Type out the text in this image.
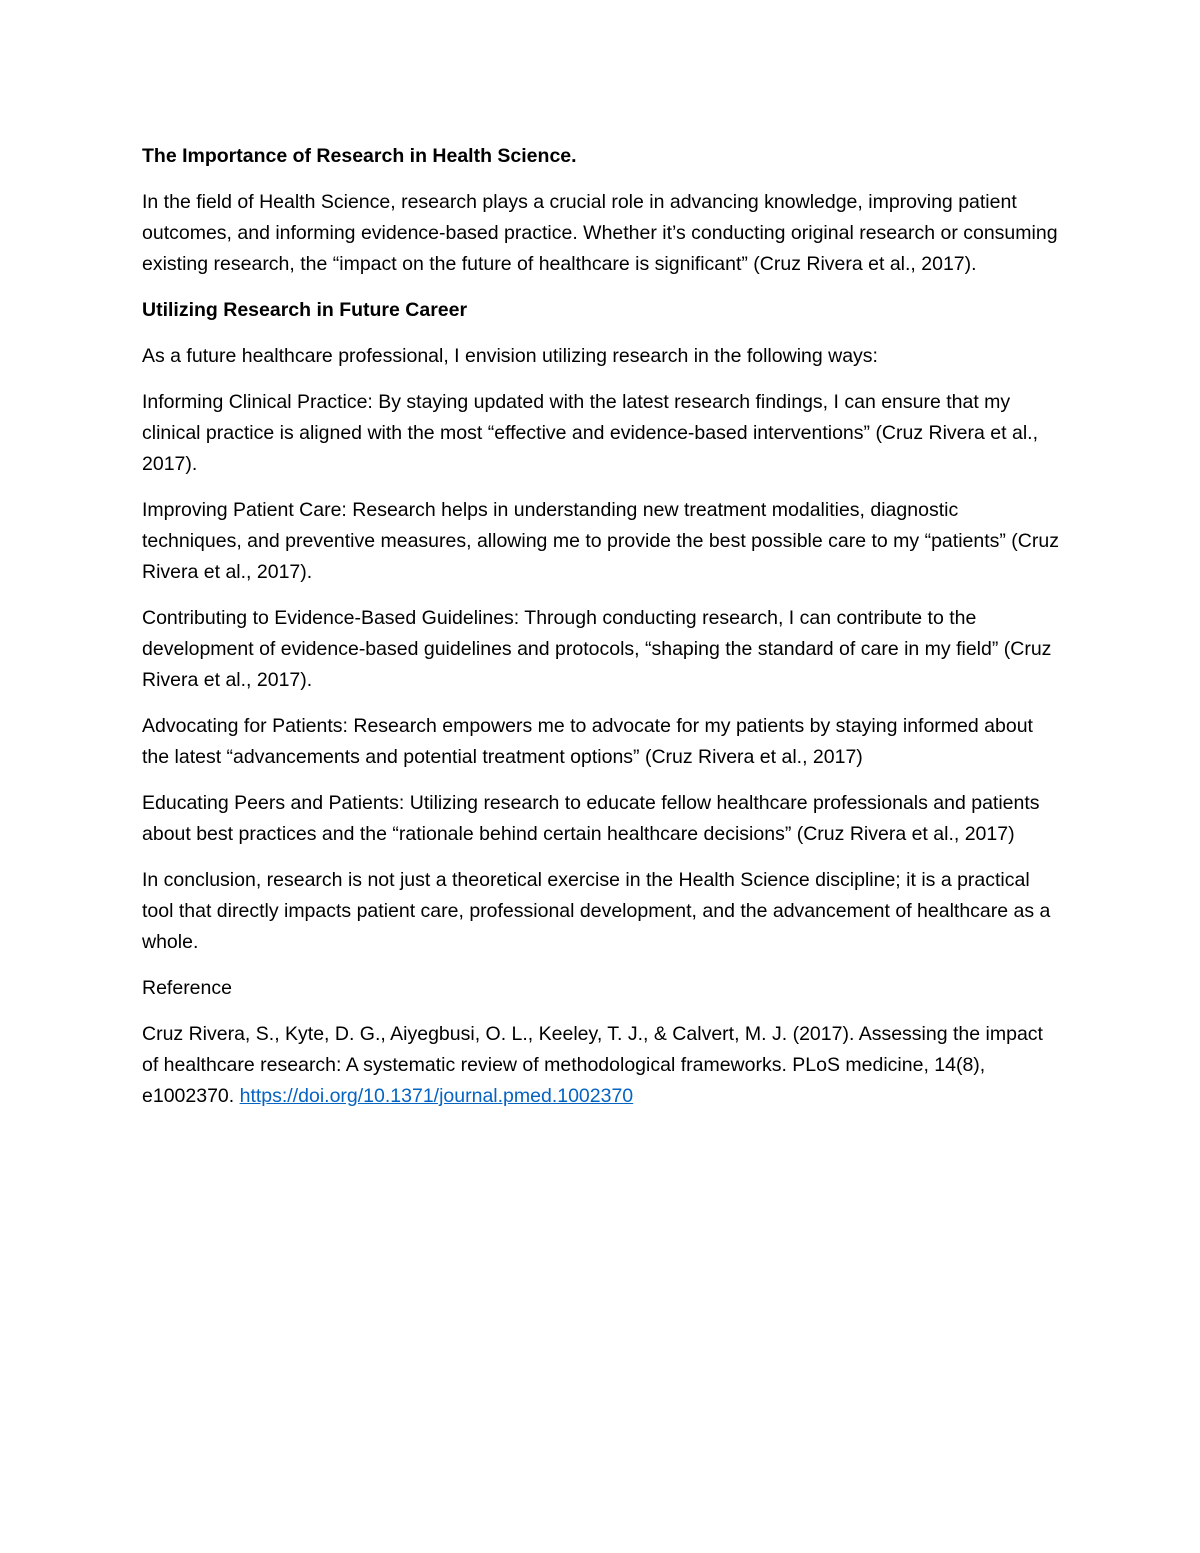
The Importance of Research in Health Science.

In the field of Health Science, research plays a crucial role in advancing knowledge, improving patient outcomes, and informing evidence-based practice. Whether it’s conducting original research or consuming existing research, the “impact on the future of healthcare is significant” (Cruz Rivera et al., 2017).

Utilizing Research in Future Career

As a future healthcare professional, I envision utilizing research in the following ways:

Informing Clinical Practice: By staying updated with the latest research findings, I can ensure that my clinical practice is aligned with the most “effective and evidence-based interventions” (Cruz Rivera et al., 2017).

Improving Patient Care: Research helps in understanding new treatment modalities, diagnostic techniques, and preventive measures, allowing me to provide the best possible care to my “patients” (Cruz Rivera et al., 2017).

Contributing to Evidence-Based Guidelines: Through conducting research, I can contribute to the development of evidence-based guidelines and protocols, “shaping the standard of care in my field” (Cruz Rivera et al., 2017).

Advocating for Patients: Research empowers me to advocate for my patients by staying informed about the latest “advancements and potential treatment options” (Cruz Rivera et al., 2017)

Educating Peers and Patients: Utilizing research to educate fellow healthcare professionals and patients about best practices and the “rationale behind certain healthcare decisions” (Cruz Rivera et al., 2017)

In conclusion, research is not just a theoretical exercise in the Health Science discipline; it is a practical tool that directly impacts patient care, professional development, and the advancement of healthcare as a whole.

Reference

Cruz Rivera, S., Kyte, D. G., Aiyegbusi, O. L., Keeley, T. J., & Calvert, M. J. (2017). Assessing the impact of healthcare research: A systematic review of methodological frameworks. PLoS medicine, 14(8), e1002370. https://doi.org/10.1371/journal.pmed.1002370
